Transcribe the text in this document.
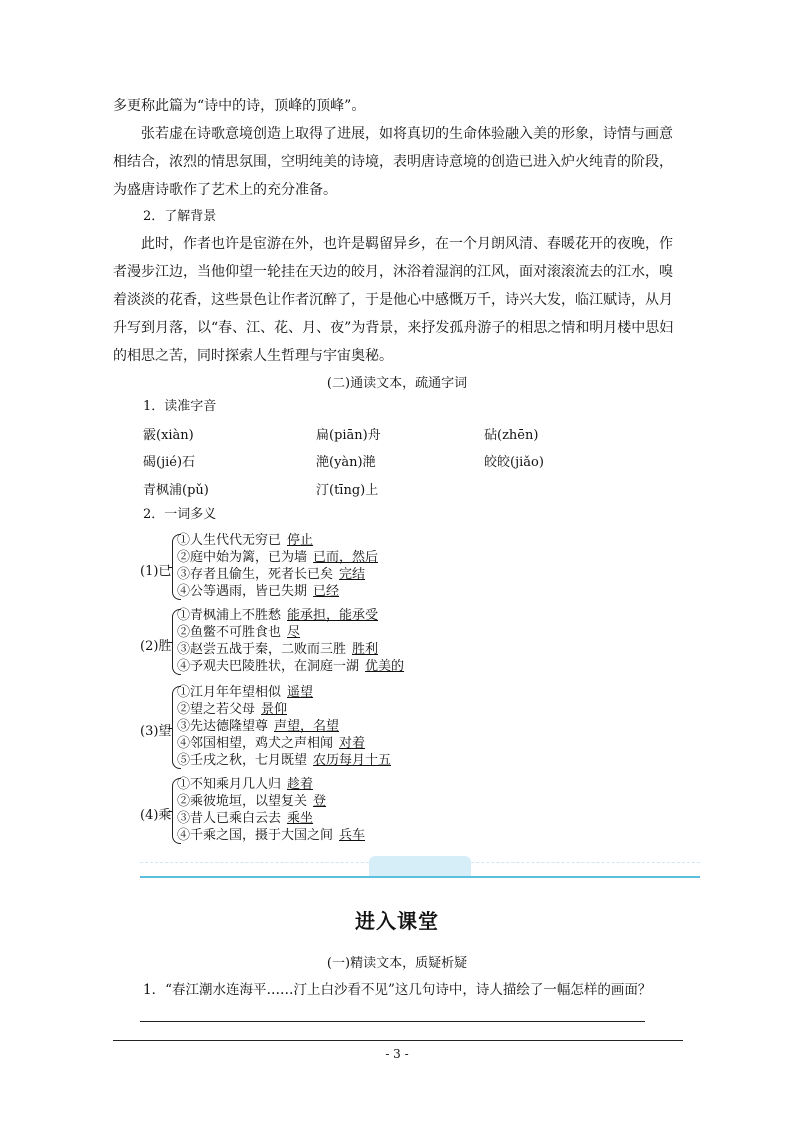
多更称此篇为“诗中的诗，顶峰的顶峰”。

张若虚在诗歌意境创造上取得了进展，如将真切的生命体验融入美的形象，诗情与画意相结合，浓烈的情思氛围，空明纯美的诗境，表明唐诗意境的创造已进入炉火纯青的阶段，为盛唐诗歌作了艺术上的充分准备。

2．了解背景

此时，作者也许是宦游在外，也许是羁留异乡，在一个月朗风清、春暖花开的夜晚，作者漫步江边，当他仰望一轮挂在天边的皎月，沐浴着湿润的江风，面对滚滚流去的江水，嗅着淡淡的花香，这些景色让作者沉醉了，于是他心中感慨万千，诗兴大发，临江赋诗，从月升写到月落，以“春、江、花、月、夜”为背景，来抒发孤舟游子的相思之情和明月楼中思妇的相思之苦，同时探索人生哲理与宇宙奥秘。

(二)通读文本，疏通字词
1．读准字音
霰(xiàn)	扁(piān)舟	砧(zhēn)
碣(jié)石	滟(yàn)滟	皎皎(jiǎo)
青枫浦(pǔ)	汀(tīng)上
2．一词多义
(1)已
①人生代代无穷已 停止
②庭中始为篱，已为墙 已而，然后
③存者且偷生，死者长已矣 完结
④公等遇雨，皆已失期 已经
(2)胜
①青枫浦上不胜愁 能承担，能承受
②鱼鳖不可胜食也 尽
③赵尝五战于秦，二败而三胜 胜利
④予观夫巴陵胜状，在洞庭一湖 优美的
(3)望
①江月年年望相似 遥望
②望之若父母 景仰
③先达德隆望尊 声望，名望
④邻国相望，鸡犬之声相闻 对着
⑤壬戌之秋，七月既望 农历每月十五
(4)乘
①不知乘月几人归 趁着
②乘彼垝垣，以望复关 登
③昔人已乘白云去 乘坐
④千乘之国，摄于大国之间 兵车
进入课堂
(一)精读文本，质疑析疑
1．“春江潮水连海平……汀上白沙看不见”这几句诗中，诗人描绘了一幅怎样的画面？
- 3 -
